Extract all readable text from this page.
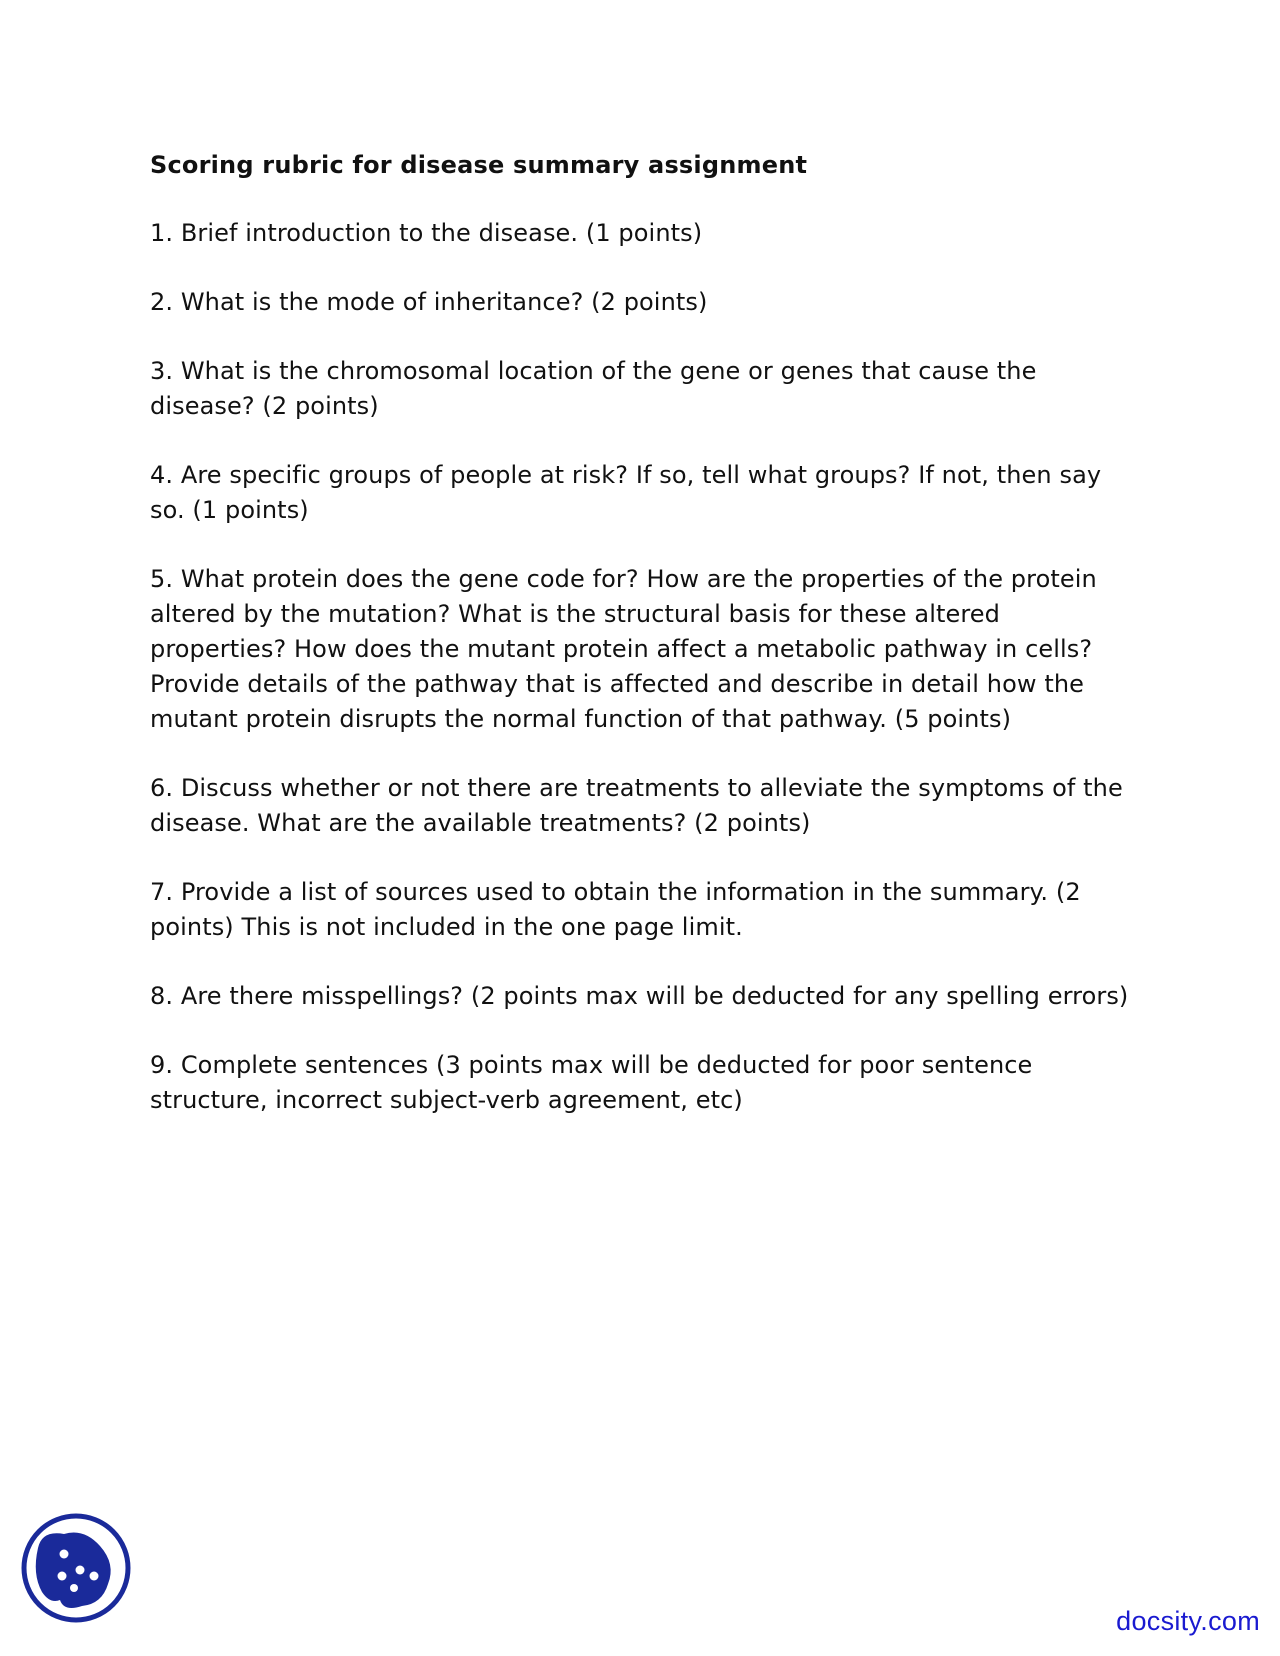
Scoring rubric for disease summary assignment
1. Brief introduction to the disease. (1 points)
2. What is the mode of inheritance? (2 points)
3. What is the chromosomal location of the gene or genes that cause the disease? (2 points)
4. Are specific groups of people at risk? If so, tell what groups? If not, then say so. (1 points)
5. What protein does the gene code for? How are the properties of the protein altered by the mutation? What is the structural basis for these altered properties? How does the mutant protein affect a metabolic pathway in cells? Provide details of the pathway that is affected and describe in detail how the mutant protein disrupts the normal function of that pathway. (5 points)
6. Discuss whether or not there are treatments to alleviate the symptoms of the disease. What are the available treatments? (2 points)
7. Provide a list of sources used to obtain the information in the summary. (2 points) This is not included in the one page limit.
8. Are there misspellings? (2 points max will be deducted for any spelling errors)
9. Complete sentences (3 points max will be deducted for poor sentence structure, incorrect subject-verb agreement, etc)
docsity.com
